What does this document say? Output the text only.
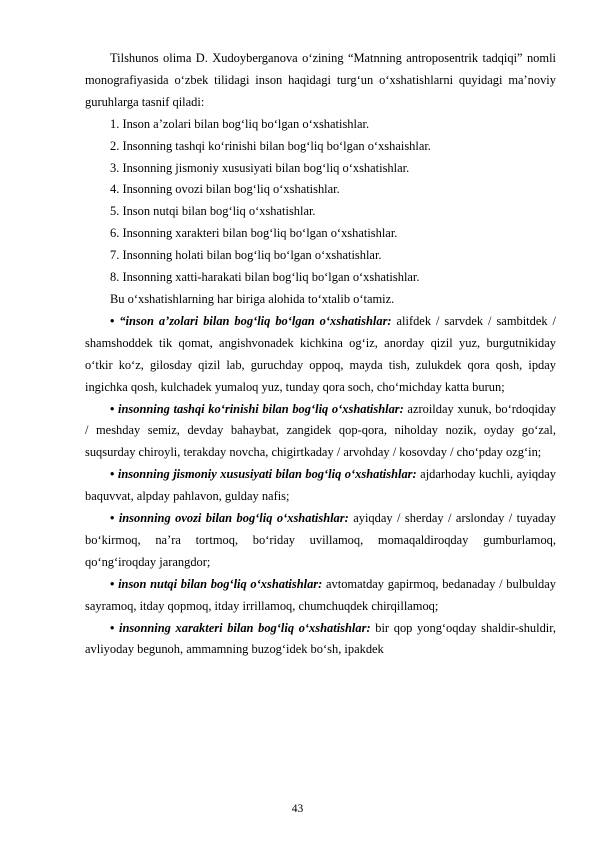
Tilshunos olima D. Xudoyberganova o‘zining “Matnning antroposentrik tadqiqi” nomli monografiyasida o‘zbek tilidagi inson haqidagi turg‘un o‘xshatishlarni quyidagi ma’noviy guruhlarga tasnif qiladi:

1. Inson a’zolari bilan bog‘liq bo‘lgan o‘xshatishlar.

2. Insonning tashqi ko‘rinishi bilan bog‘liq bo‘lgan o‘xshaishlar.

3. Insonning jismoniy xususiyati bilan bog‘liq o‘xshatishlar.

4. Insonning ovozi bilan bog‘liq o‘xshatishlar.

5. Inson nutqi bilan bog‘liq o‘xshatishlar.

6. Insonning xarakteri bilan bog‘liq bo‘lgan o‘xshatishlar.

7. Insonning holati bilan bog‘liq bo‘lgan o‘xshatishlar.

8. Insonning xatti-harakati bilan bog‘liq bo‘lgan o‘xshatishlar.

Bu o‘xshatishlarning har biriga alohida to‘xtalib o‘tamiz.

• “inson a’zolari bilan bog‘liq bo‘lgan o‘xshatishlar: alifdek / sarvdek / sambitdek / shamshoddek tik qomat, angishvonadek kichkina og‘iz, anorday qizil yuz, burgutnikiday o‘tkir ko‘z, gilosday qizil lab, guruchday oppoq, mayda tish, zulukdek qora qosh, ipday ingichka qosh, kulchadek yumaloq yuz, tunday qora soch, cho‘michday katta burun;

• insonning tashqi ko‘rinishi bilan bog‘liq o‘xshatishlar: azroilday xunuk, bo‘rdoqiday / meshday semiz, devday bahaybat, zangidek qop-qora, niholday nozik, oyday go‘zal, suqsurday chiroyli, terakday novcha, chigirtkaday / arvohday / kosovday / cho‘pday ozg‘in;

• insonning jismoniy xususiyati bilan bog‘liq o‘xshatishlar: ajdarhoday kuchli, ayiqday baquvvat, alpday pahlavon, gulday nafis;

• insonning ovozi bilan bog‘liq o‘xshatishlar: ayiqday / sherday / arslonday / tuyaday bo‘kirmoq, na’ra tortmoq, bo‘riday uvillamoq, momaqaldiroqday gumburlamoq, qo‘ng‘iroqday jarangdor;

• inson nutqi bilan bog‘liq o‘xshatishlar: avtomatday gapirmoq, bedanaday / bulbulday sayramoq, itday qopmoq, itday irrillamoq, chumchuqdek chirqillamoq;

• insonning xarakteri bilan bog‘liq o‘xshatishlar: bir qop yong‘oqday shaldir-shuldir, avliyoday begunoh, ammamning buzog‘idek bo‘sh, ipakdek

43
